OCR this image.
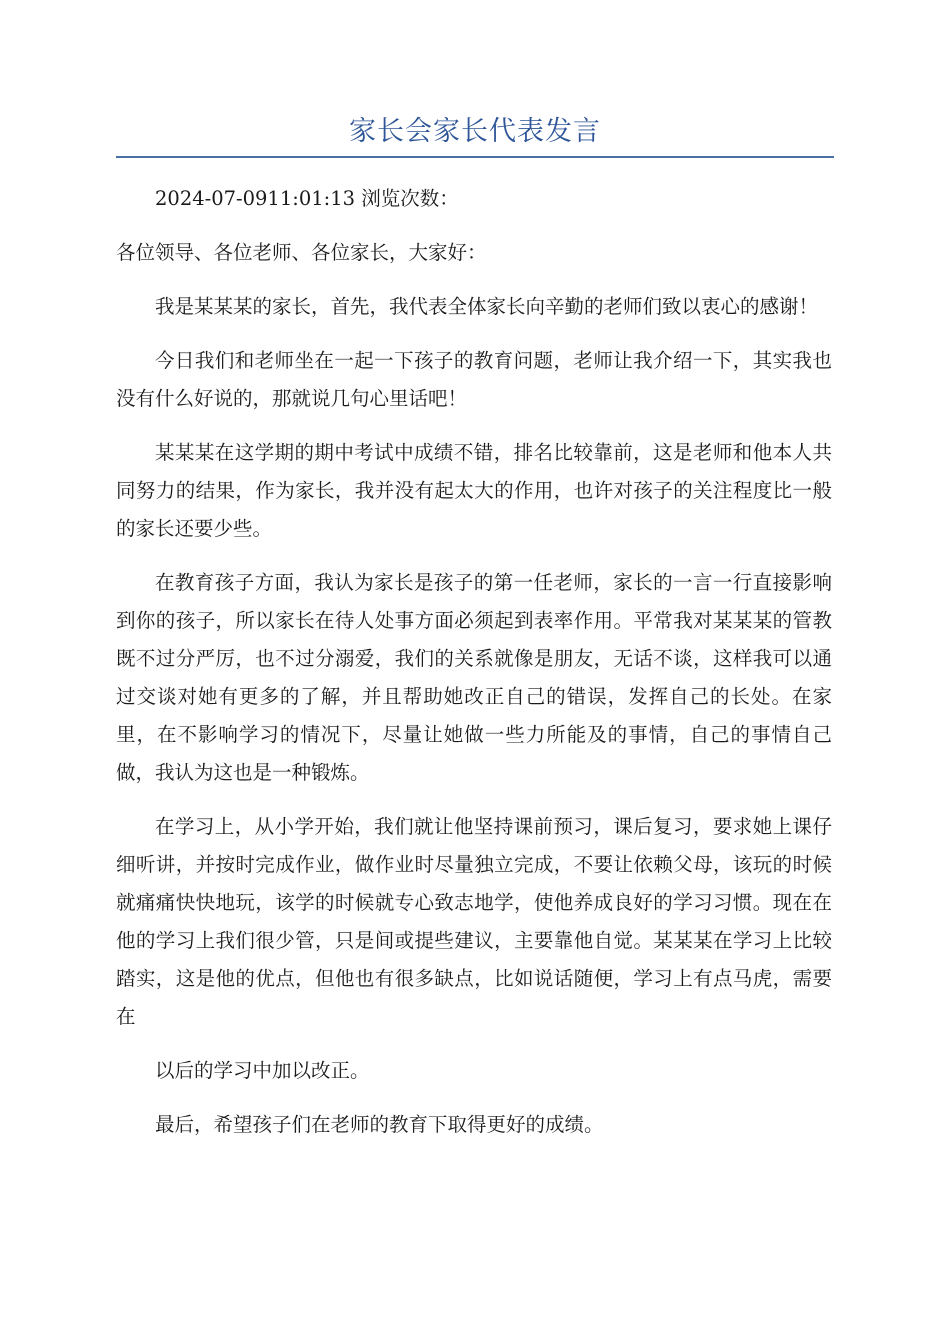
家长会家长代表发言

2024-07-0911:01:13 浏览次数：

各位领导、各位老师、各位家长，大家好：

我是某某某的家长，首先，我代表全体家长向辛勤的老师们致以衷心的感谢！

今日我们和老师坐在一起一下孩子的教育问题，老师让我介绍一下，其实我也没有什么好说的，那就说几句心里话吧！

某某某在这学期的期中考试中成绩不错，排名比较靠前，这是老师和他本人共同努力的结果，作为家长，我并没有起太大的作用，也许对孩子的关注程度比一般的家长还要少些。

在教育孩子方面，我认为家长是孩子的第一任老师，家长的一言一行直接影响到你的孩子，所以家长在待人处事方面必须起到表率作用。平常我对某某某的管教既不过分严厉，也不过分溺爱，我们的关系就像是朋友，无话不谈，这样我可以通过交谈对她有更多的了解，并且帮助她改正自己的错误，发挥自己的长处。在家里，在不影响学习的情况下，尽量让她做一些力所能及的事情，自己的事情自己做，我认为这也是一种锻炼。

在学习上，从小学开始，我们就让他坚持课前预习，课后复习，要求她上课仔细听讲，并按时完成作业，做作业时尽量独立完成，不要让依赖父母，该玩的时候就痛痛快快地玩，该学的时候就专心致志地学，使他养成良好的学习习惯。现在在他的学习上我们很少管，只是间或提些建议，主要靠他自觉。某某某在学习上比较踏实，这是他的优点，但他也有很多缺点，比如说话随便，学习上有点马虎，需要在

以后的学习中加以改正。

最后，希望孩子们在老师的教育下取得更好的成绩。
